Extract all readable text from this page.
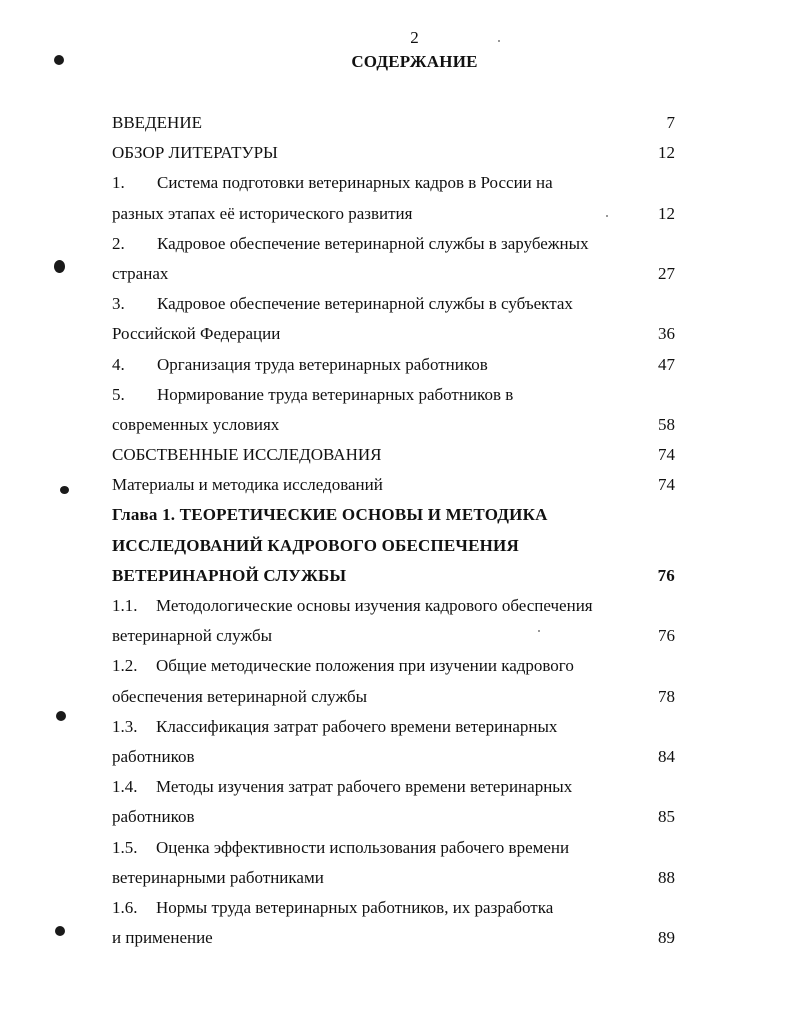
2
СОДЕРЖАНИЕ
ВВЕДЕНИЕ	7
ОБЗОР ЛИТЕРАТУРЫ	12
1. Система подготовки ветеринарных кадров в России на
разных этапах её исторического развития	12
2. Кадровое обеспечение ветеринарной службы в зарубежных
странах	27
3. Кадровое обеспечение ветеринарной службы в субъектах
Российской Федерации	36
4. Организация труда ветеринарных работников	47
5. Нормирование труда ветеринарных работников в
современных условиях	58
СОБСТВЕННЫЕ ИССЛЕДОВАНИЯ	74
Материалы и методика исследований	74
Глава 1. ТЕОРЕТИЧЕСКИЕ ОСНОВЫ И МЕТОДИКА
ИССЛЕДОВАНИЙ КАДРОВОГО ОБЕСПЕЧЕНИЯ
ВЕТЕРИНАРНОЙ СЛУЖБЫ	76
1.1. Методологические основы изучения кадрового обеспечения
ветеринарной службы	76
1.2. Общие методические положения при изучении кадрового
обеспечения ветеринарной службы	78
1.3. Классификация затрат рабочего времени ветеринарных
работников	84
1.4. Методы изучения затрат рабочего времени ветеринарных
работников	85
1.5. Оценка эффективности использования рабочего времени
ветеринарными работниками	88
1.6. Нормы труда ветеринарных работников, их разработка
и применение	89
